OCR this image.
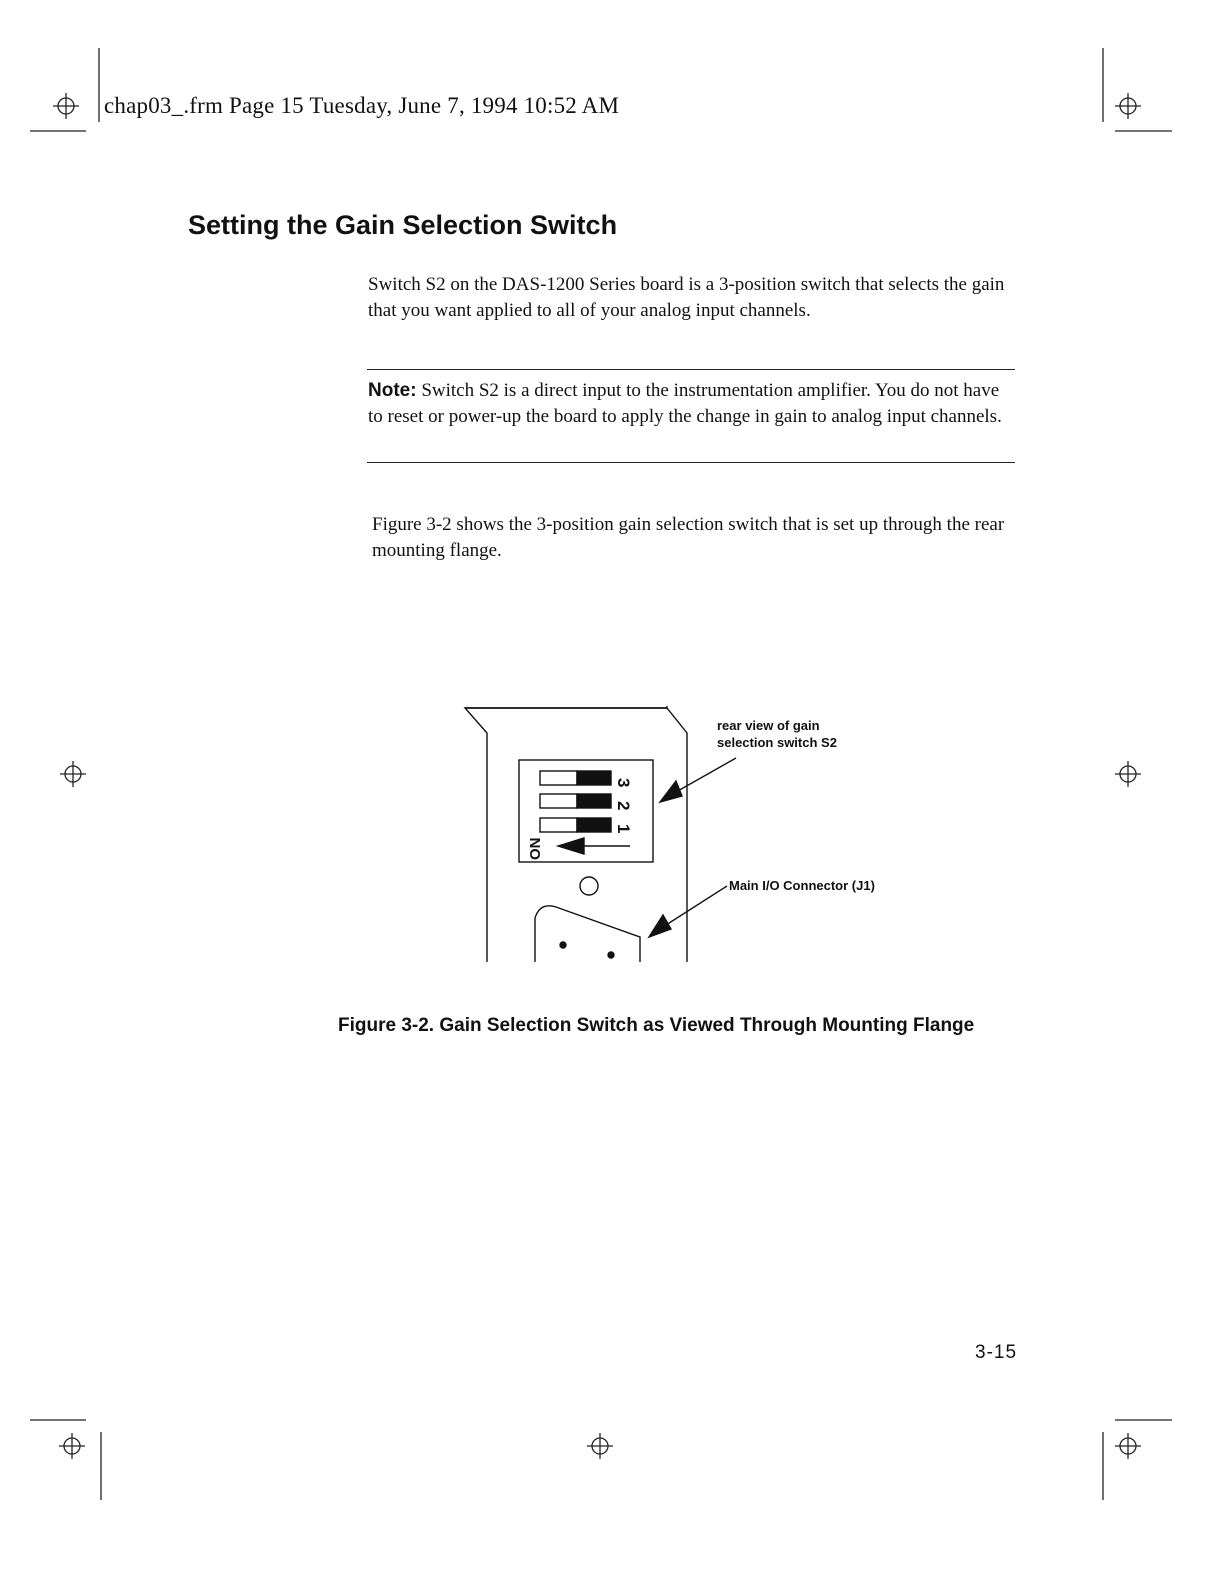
chap03_.frm Page 15 Tuesday, June 7, 1994 10:52 AM
Setting the Gain Selection Switch
Switch S2 on the DAS-1200 Series board is a 3-position switch that selects the gain that you want applied to all of your analog input channels.
Note: Switch S2 is a direct input to the instrumentation amplifier. You do not have to reset or power-up the board to apply the change in gain to analog input channels.
Figure 3-2 shows the 3-position gain selection switch that is set up through the rear mounting flange.
3
2
1
ON
rear view of gain
selection switch S2
Main I/O Connector (J1)
Figure 3-2. Gain Selection Switch as Viewed Through Mounting Flange
3-15
